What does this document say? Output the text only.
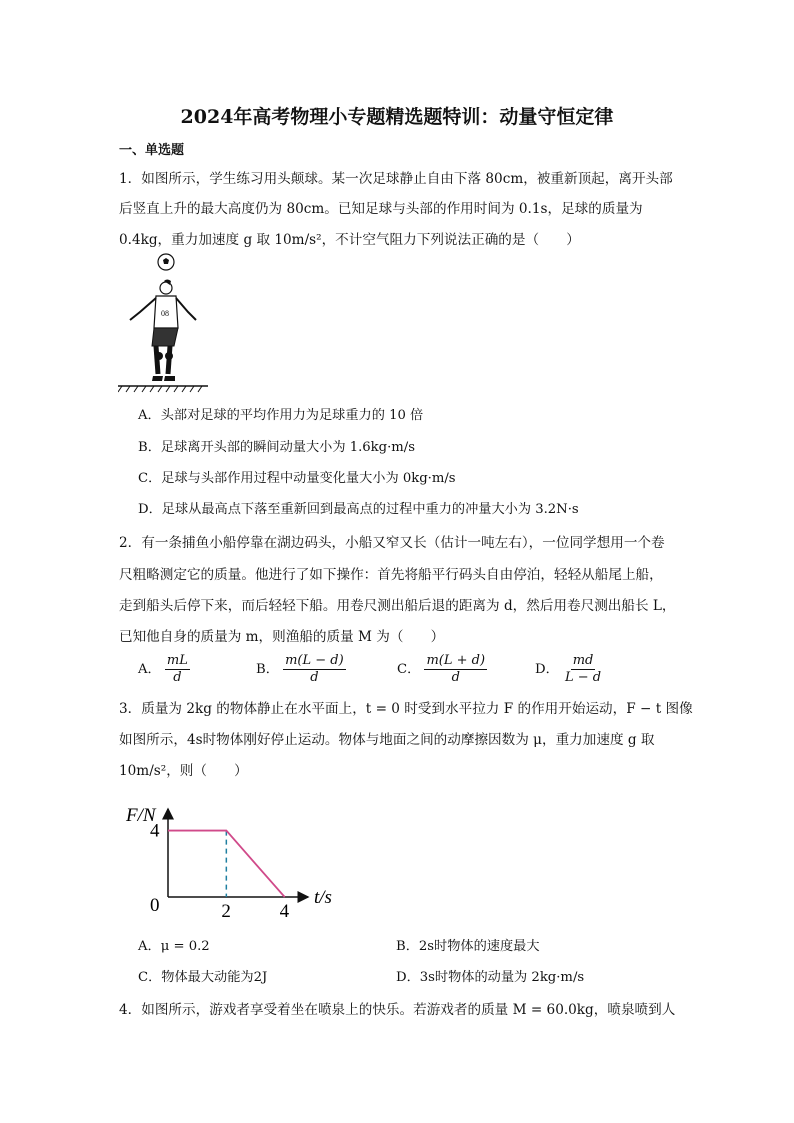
2024年高考物理小专题精选题特训：动量守恒定律
一、单选题
1．如图所示，学生练习用头颠球。某一次足球静止自由下落 80cm，被重新顶起，离开头部
后竖直上升的最大高度仍为 80cm。已知足球与头部的作用时间为 0.1s，足球的质量为
0.4kg，重力加速度 g 取 10m/s²，不计空气阻力下列说法正确的是（　　）
08
A．头部对足球的平均作用力为足球重力的 10 倍
B．足球离开头部的瞬间动量大小为 1.6kg·m/s
C．足球与头部作用过程中动量变化量大小为 0kg·m/s
D．足球从最高点下落至重新回到最高点的过程中重力的冲量大小为 3.2N·s
2．有一条捕鱼小船停靠在湖边码头，小船又窄又长（估计一吨左右），一位同学想用一个卷
尺粗略测定它的质量。他进行了如下操作：首先将船平行码头自由停泊，轻轻从船尾上船，
走到船头后停下来，而后轻轻下船。用卷尺测出船后退的距离为 d，然后用卷尺测出船长 L，
已知他自身的质量为 m，则渔船的质量 M 为（　　）
A． $\frac{mL}{d}$	B． $\frac{m(L - d)}{d}$	C． $\frac{m(L + d)}{d}$	D． $\frac{md}{L - d}$
3．质量为 2kg 的物体静止在水平面上，t = 0 时受到水平拉力 F 的作用开始运动，F − t 图像
如图所示，4s时物体刚好停止运动。物体与地面之间的动摩擦因数为 μ，重力加速度 g 取
10m/s²，则（　　）
F/N
t/s
0
4
2	4
A．μ = 0.2	B．2s时物体的速度最大
C．物体最大动能为2J	D．3s时物体的动量为 2kg·m/s
4．如图所示，游戏者享受着坐在喷泉上的快乐。若游戏者的质量 M = 60.0kg，喷泉喷到人
